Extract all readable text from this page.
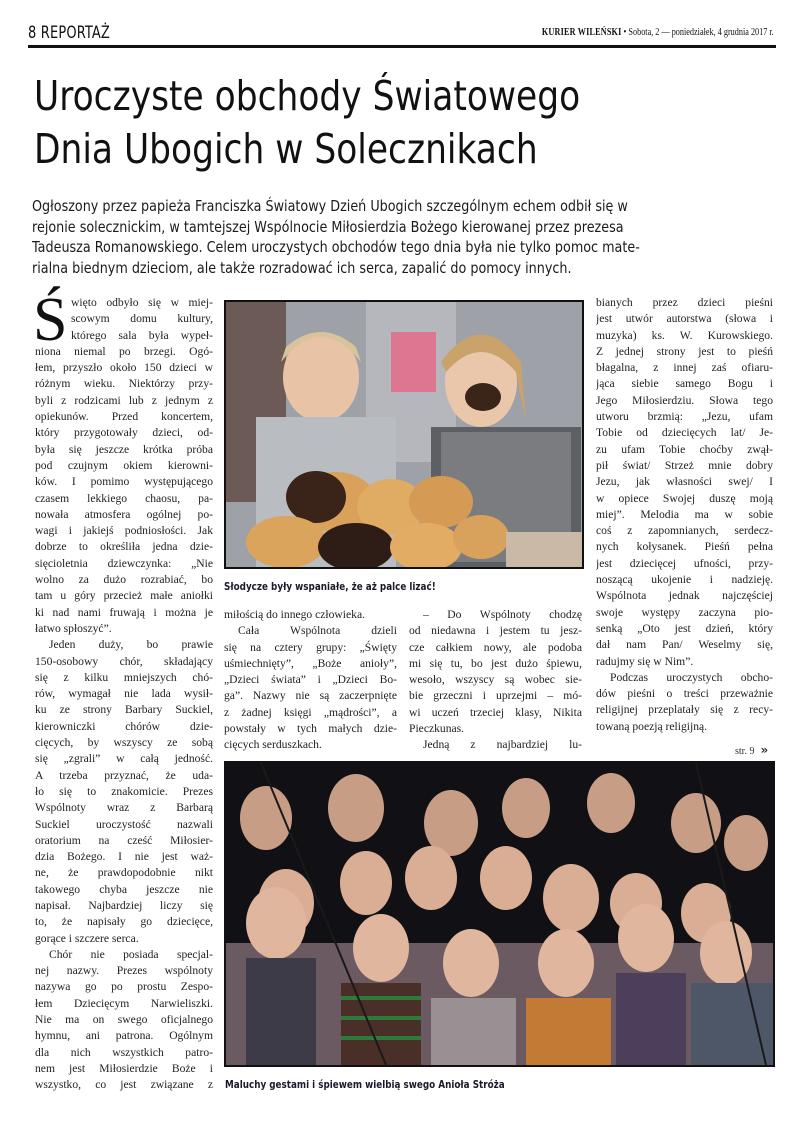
8 REPORTAŻ	KURIER WILEŃSKI • Sobota, 2 — poniedziałek, 4 grudnia 2017 r.
Uroczyste obchody Światowego
Dnia Ubogich w Solecznikach

Ogłoszony przez papieża Franciszka Światowy Dzień Ubogich szczególnym echem odbił się w

rejonie solecznickim, w tamtejszej Wspólnocie Miłosierdzia Bożego kierowanej przez prezesa

Tadeusza Romanowskiego. Celem uroczystych obchodów tego dnia była nie tylko pomoc mate-

rialna biednym dzieciom, ale także rozradować ich serca, zapalić do pomocy innych.

Ś więto odbyło się w miej-
scowym domu kultury,
którego sala była wypeł-
niona niemal po brzegi. Ogó-
łem, przyszło około 150 dzieci w
różnym wieku. Niektórzy przy-
byli z rodzicami lub z jednym z
opiekunów. Przed koncertem,
który przygotowały dzieci, od-
była się jeszcze krótka próba
pod czujnym okiem kierowni-
ków. I pomimo występującego
czasem lekkiego chaosu, pa-
nowała atmosfera ogólnej po-
wagi i jakiejś podniosłości. Jak
dobrze to określiła jedna dzie-
sięcioletnia dziewczynka: „Nie
wolno za dużo rozrabiać, bo
tam u góry przecież małe aniołki
ki nad nami fruwają i można je
łatwo spłoszyć”.
Jeden duży, bo prawie
150-osobowy chór, składający
się z kilku mniejszych chó-
rów, wymagał nie lada wysił-
ku ze strony Barbary Suckiel,
kierowniczki chórów dzie-
cięcych, by wszyscy ze sobą
się „zgrali” w całą jedność.
A trzeba przyznać, że uda-
ło się to znakomicie. Prezes
Wspólnoty wraz z Barbarą
Suckiel uroczystość nazwali
oratorium na cześć Miłosier-
dzia Bożego. I nie jest waż-
ne, że prawdopodobnie nikt
takowego chyba jeszcze nie
napisał. Najbardziej liczy się
to, że napisały go dziecięce,
gorące i szczere serca.
Chór nie posiada specjal-
nej nazwy. Prezes wspólnoty
nazywa go po prostu Zespo-
łem Dziecięcym Narwieliszki.
Nie ma on swego oficjalnego
hymnu, ani patrona. Ogólnym
dla nich wszystkich patro-
nem jest Miłosierdzie Boże i
wszystko, co jest związane z
Słodycze były wspaniałe, że aż palce lizać!
miłością do innego człowieka.
Cała Wspólnota dzieli
się na cztery grupy: „Święty
uśmiechnięty”, „Boże anioły”,
„Dzieci świata” i „Dzieci Bo-
ga”. Nazwy nie są zaczerpnięte
z żadnej księgi „mądrości”, a
powstały w tych małych dzie-
cięcych serduszkach.
– Do Wspólnoty chodzę
od niedawna i jestem tu jesz-
cze całkiem nowy, ale podoba
mi się tu, bo jest dużo śpiewu,
wesoło, wszyscy są wobec sie-
bie grzeczni i uprzejmi – mó-
wi uczeń trzeciej klasy, Nikita
Pieczkunas.
Jedną z najbardziej lu-
bianych przez dzieci pieśni
jest utwór autorstwa (słowa i
muzyka) ks. W. Kurowskiego.
Z jednej strony jest to pieśń
błagalna, z innej zaś ofiaru-
jąca siebie samego Bogu i
Jego Miłosierdziu. Słowa tego
utworu brzmią: „Jezu, ufam
Tobie od dziecięcych lat/ Je-
zu ufam Tobie choćby zwął-
pił świat/ Strzeż mnie dobry
Jezu, jak własności swej/ I
w opiece Swojej duszę moją
miej”. Melodia ma w sobie
coś z zapomnianych, serdecz-
nych kołysanek. Pieśń pełna
jest dziecięcej ufności, przy-
noszącą ukojenie i nadzieję.
Wspólnota jednak najczęściej
swoje występy zaczyna pio-
senką „Oto jest dzień, który
dał nam Pan/ Weselmy się,
radujmy się w Nim”.
Podczas uroczystych obcho-
dów pieśni o treści przeważnie
religijnej przeplatały się z recy-
towaną poezją religijną.
str. 9 »
Maluchy gestami i śpiewem wielbią swego Anioła Stróża
